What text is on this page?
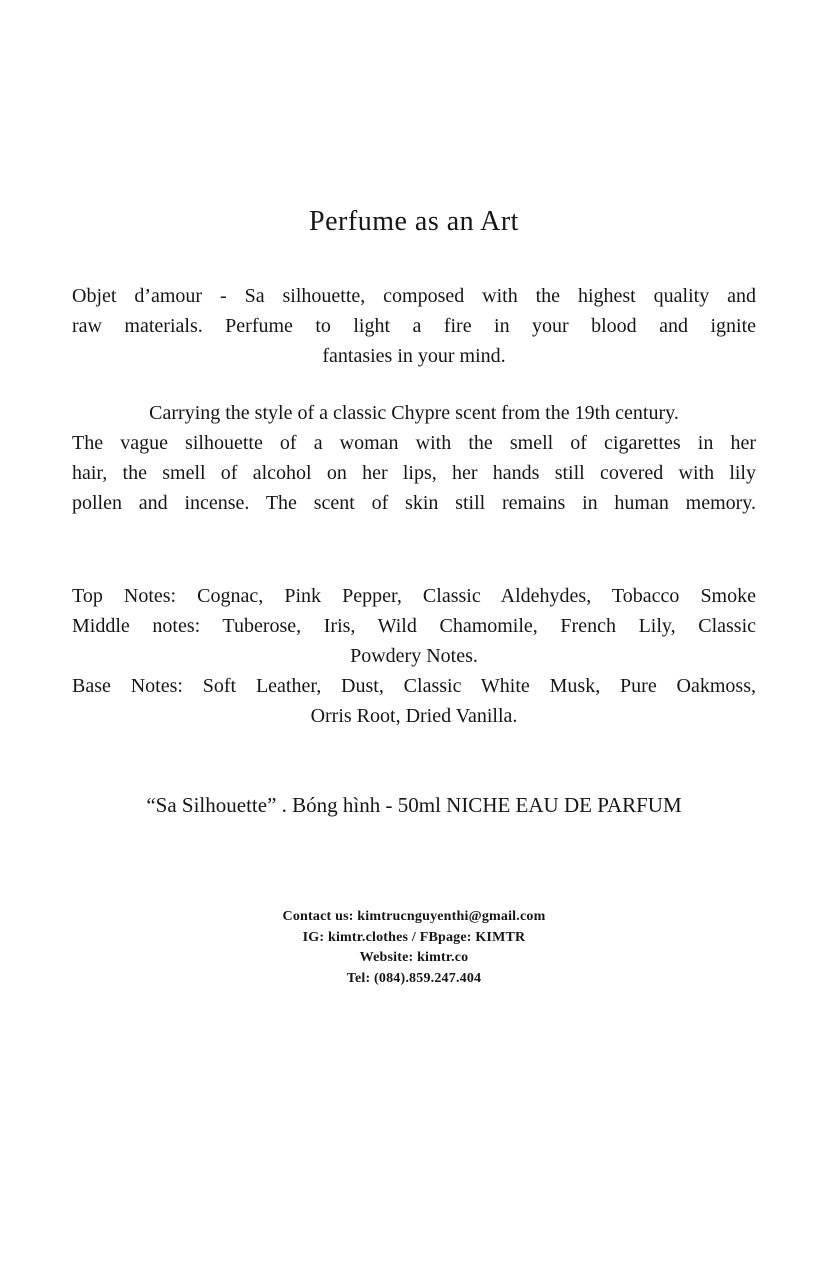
Perfume as an Art
Objet d’amour - Sa silhouette, composed with the highest quality and
raw materials. Perfume to light a fire in your blood and ignite
fantasies in your mind.
Carrying the style of a classic Chypre scent from the 19th century.
The vague silhouette of a woman with the smell of cigarettes in her
hair, the smell of alcohol on her lips, her hands still covered with lily
pollen and incense. The scent of skin still remains in human memory.
Top Notes: Cognac, Pink Pepper, Classic Aldehydes, Tobacco Smoke
Middle notes: Tuberose, Iris, Wild Chamomile, French Lily, Classic
Powdery Notes.
Base Notes: Soft Leather, Dust, Classic White Musk, Pure Oakmoss,
Orris Root, Dried Vanilla.
“Sa Silhouette” . Bóng hình - 50ml NICHE EAU DE PARFUM
Contact us: kimtrucnguyenthi@gmail.com
IG: kimtr.clothes / FBpage: KIMTR
Website: kimtr.co
Tel: (084).859.247.404
